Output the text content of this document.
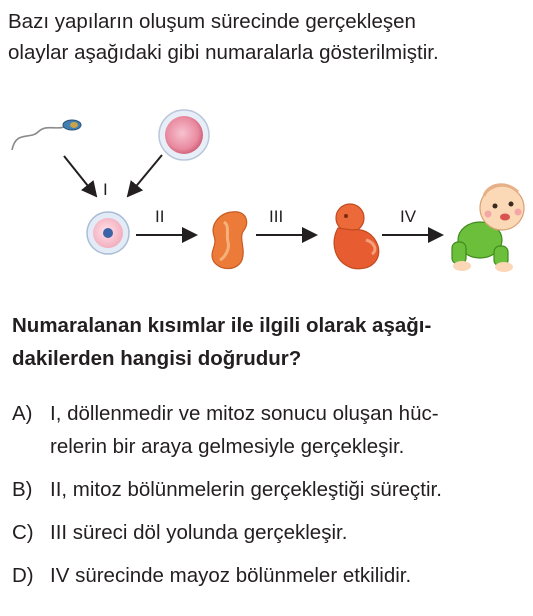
Bazı yapıların oluşum sürecinde gerçekleşen
olaylar aşağıdaki gibi numaralarla gösterilmiştir.
I
II	III	IV
Numaralanan kısımlar ile ilgili olarak aşağı-
dakilerden hangisi doğrudur?
A) I, döllenmedir ve mitoz sonucu oluşan hüc-
relerin bir araya gelmesiyle gerçekleşir.
B) II, mitoz bölünmelerin gerçekleştiği süreçtir.
C) III süreci döl yolunda gerçekleşir.
D) IV sürecinde mayoz bölünmeler etkilidir.
